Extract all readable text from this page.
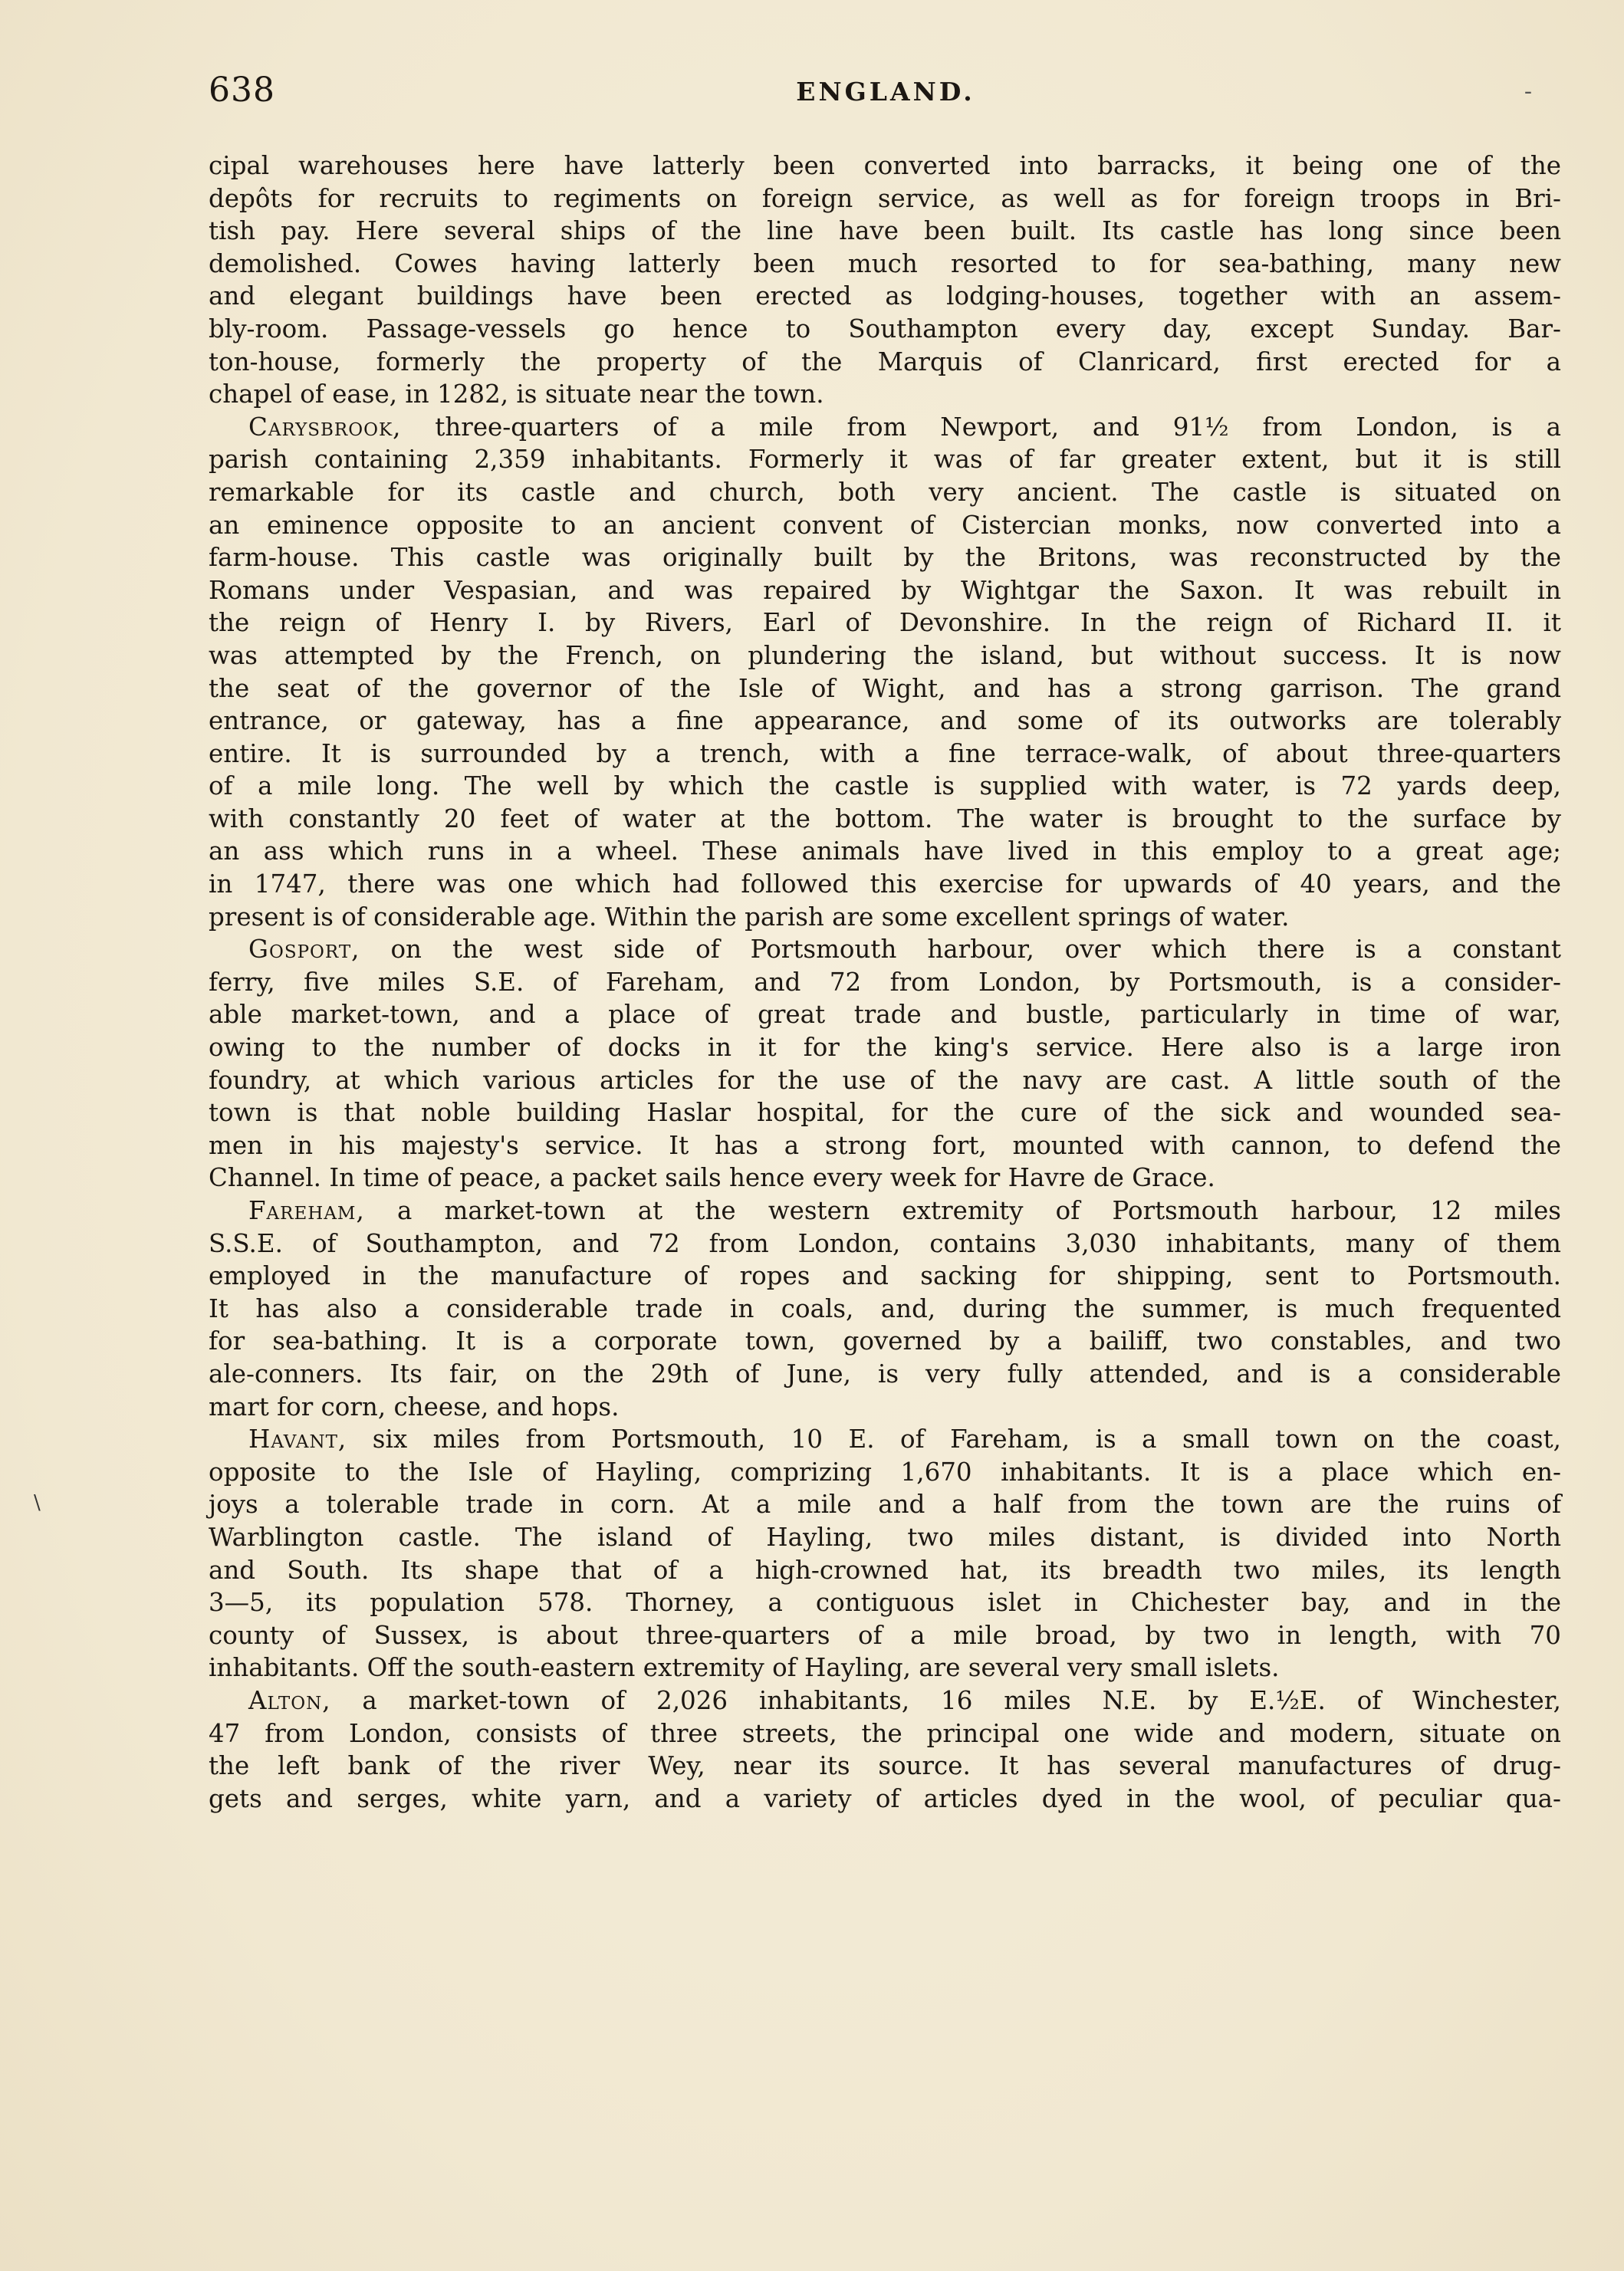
638	ENGLAND.	-
cipal warehouses here have latterly been converted into barracks, it being one of the
depôts for recruits to regiments on foreign service, as well as for foreign troops in Bri-
tish pay. Here several ships of the line have been built. Its castle has long since been
demolished. Cowes having latterly been much resorted to for sea-bathing, many new
and elegant buildings have been erected as lodging-houses, together with an assem-
bly-room. Passage-vessels go hence to Southampton every day, except Sunday. Bar-
ton-house, formerly the property of the Marquis of Clanricard, first erected for a
chapel of ease, in 1282, is situate near the town.
Carysbrook, three-quarters of a mile from Newport, and 91½ from London, is a
parish containing 2,359 inhabitants. Formerly it was of far greater extent, but it is still
remarkable for its castle and church, both very ancient. The castle is situated on
an eminence opposite to an ancient convent of Cistercian monks, now converted into a
farm-house. This castle was originally built by the Britons, was reconstructed by the
Romans under Vespasian, and was repaired by Wightgar the Saxon. It was rebuilt in
the reign of Henry I. by Rivers, Earl of Devonshire. In the reign of Richard II. it
was attempted by the French, on plundering the island, but without success. It is now
the seat of the governor of the Isle of Wight, and has a strong garrison. The grand
entrance, or gateway, has a fine appearance, and some of its outworks are tolerably
entire. It is surrounded by a trench, with a fine terrace-walk, of about three-quarters
of a mile long. The well by which the castle is supplied with water, is 72 yards deep,
with constantly 20 feet of water at the bottom. The water is brought to the surface by
an ass which runs in a wheel. These animals have lived in this employ to a great age;
in 1747, there was one which had followed this exercise for upwards of 40 years, and the
present is of considerable age. Within the parish are some excellent springs of water.
Gosport, on the west side of Portsmouth harbour, over which there is a constant
ferry, five miles S.E. of Fareham, and 72 from London, by Portsmouth, is a consider-
able market-town, and a place of great trade and bustle, particularly in time of war,
owing to the number of docks in it for the king's service. Here also is a large iron
foundry, at which various articles for the use of the navy are cast. A little south of the
town is that noble building Haslar hospital, for the cure of the sick and wounded sea-
men in his majesty's service. It has a strong fort, mounted with cannon, to defend the
Channel. In time of peace, a packet sails hence every week for Havre de Grace.
Fareham, a market-town at the western extremity of Portsmouth harbour, 12 miles
S.S.E. of Southampton, and 72 from London, contains 3,030 inhabitants, many of them
employed in the manufacture of ropes and sacking for shipping, sent to Portsmouth.
It has also a considerable trade in coals, and, during the summer, is much frequented
for sea-bathing. It is a corporate town, governed by a bailiff, two constables, and two
ale-conners. Its fair, on the 29th of June, is very fully attended, and is a considerable
mart for corn, cheese, and hops.
Havant, six miles from Portsmouth, 10 E. of Fareham, is a small town on the coast,
opposite to the Isle of Hayling, comprizing 1,670 inhabitants. It is a place which en-
joys a tolerable trade in corn. At a mile and a half from the town are the ruins of
Warblington castle. The island of Hayling, two miles distant, is divided into North
and South. Its shape that of a high-crowned hat, its breadth two miles, its length
3—5, its population 578. Thorney, a contiguous islet in Chichester bay, and in the
county of Sussex, is about three-quarters of a mile broad, by two in length, with 70
inhabitants. Off the south-eastern extremity of Hayling, are several very small islets.
Alton, a market-town of 2,026 inhabitants, 16 miles N.E. by E.½E. of Winchester,
47 from London, consists of three streets, the principal one wide and modern, situate on
the left bank of the river Wey, near its source. It has several manufactures of drug-
gets and serges, white yarn, and a variety of articles dyed in the wool, of peculiar qua-
\
